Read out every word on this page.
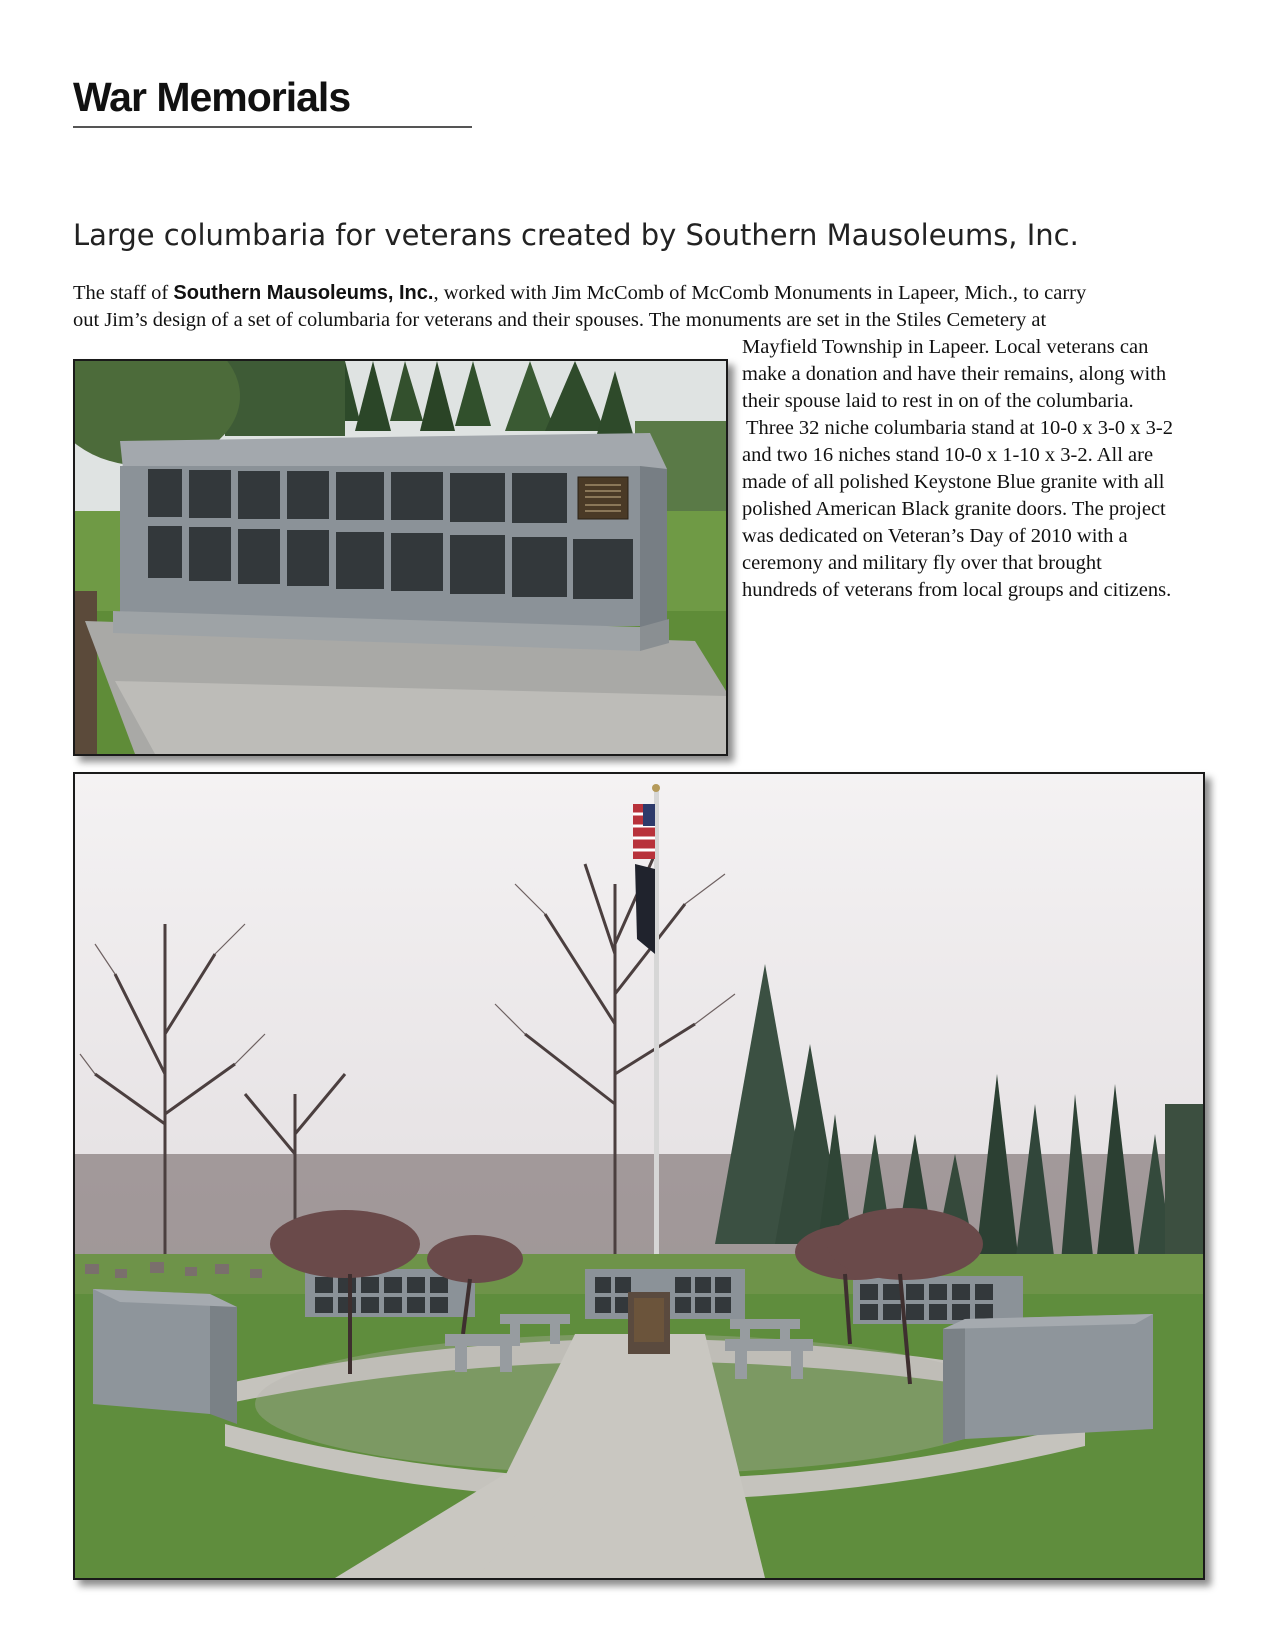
War Memorials
Large columbaria for veterans created by Southern Mausoleums, Inc.

The staff of Southern Mausoleums, Inc., worked with Jim McComb of McComb Monuments in Lapeer, Mich., to carry

out Jim’s design of a set of columbaria for veterans and their spouses. The monuments are set in the Stiles Cemetery at

Mayfield Township in Lapeer. Local veterans can make a donation and have their remains, along with their spouse laid to rest in on of the columbaria.

Three 32 niche columbaria stand at 10-0 x 3-0 x 3-2 and two 16 niches stand 10-0 x 1-10 x 3-2. All are made of all polished Keystone Blue granite with all polished American Black granite doors. The project was dedicated on Veteran’s Day of 2010 with a ceremony and military fly over that brought hundreds of veterans from local groups and citizens.
